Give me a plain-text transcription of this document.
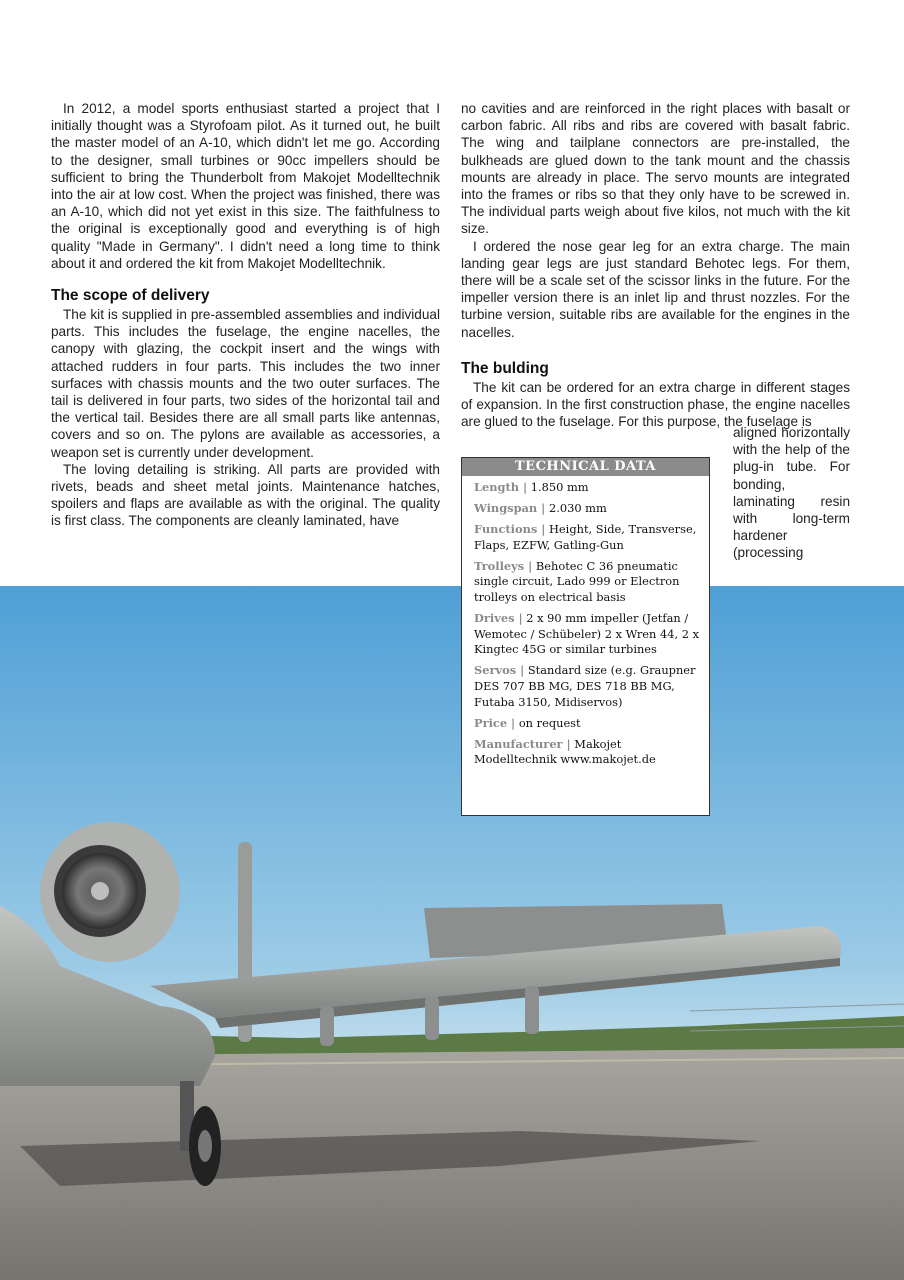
In 2012, a model sports enthusiast started a project that I initially thought was a Styrofoam pilot. As it turned out, he built the master model of an A-10, which didn't let me go. According to the designer, small turbines or 90cc impellers should be sufficient to bring the Thunderbolt from Makojet Modelltechnik into the air at low cost. When the project was finished, there was an A-10, which did not yet exist in this size. The faithfulness to the original is exceptionally good and everything is of high quality "Made in Germany". I didn't need a long time to think about it and ordered the kit from Makojet Modelltechnik.

The scope of delivery

The kit is supplied in pre-assembled assemblies and individual parts. This includes the fuselage, the engine nacelles, the canopy with glazing, the cockpit insert and the wings with attached rudders in four parts. This includes the two inner surfaces with chassis mounts and the two outer surfaces. The tail is delivered in four parts, two sides of the horizontal tail and the vertical tail. Besides there are all small parts like antennas, covers and so on. The pylons are available as accessories, a weapon set is currently under development.

The loving detailing is striking. All parts are provided with rivets, beads and sheet metal joints. Maintenance hatches, spoilers and flaps are available as with the original. The quality is first class. The components are cleanly laminated, have

no cavities and are reinforced in the right places with basalt or carbon fabric. All ribs and ribs are covered with basalt fabric. The wing and tailplane connectors are pre-installed, the bulkheads are glued down to the tank mount and the chassis mounts are already in place. The servo mounts are integrated into the frames or ribs so that they only have to be screwed in. The individual parts weigh about five kilos, not much with the kit size.

I ordered the nose gear leg for an extra charge. The main landing gear legs are just standard Behotec legs. For them, there will be a scale set of the scissor links in the future. For the impeller version there is an inlet lip and thrust nozzles. For the turbine version, suitable ribs are available for the engines in the nacelles.

The bulding

The kit can be ordered for an extra charge in different stages of expansion. In the first construction phase, the engine nacelles are glued to the fuselage. For this purpose, the fuselage is

aligned horizontally with the help of the plug-in tube. For bonding, laminating resin with long-term hardener (processing
TECHNICAL DATA
Length | 1.850 mm
Wingspan | 2.030 mm
Functions | Height, Side, Transverse, Flaps, EZFW, Gatling-Gun
Trolleys | Behotec C 36 pneumatic single circuit, Lado 999 or Electron trolleys on electrical basis
Drives | 2 x 90 mm impeller (Jetfan / Wemotec / Schübeler) 2 x Wren 44, 2 x Kingtec 45G or similar turbines
Servos | Standard size (e.g. Graupner DES 707 BB MG, DES 718 BB MG, Futaba 3150, Midiservos)
Price | on request
Manufacturer | Makojet Modelltechnik www.makojet.de
